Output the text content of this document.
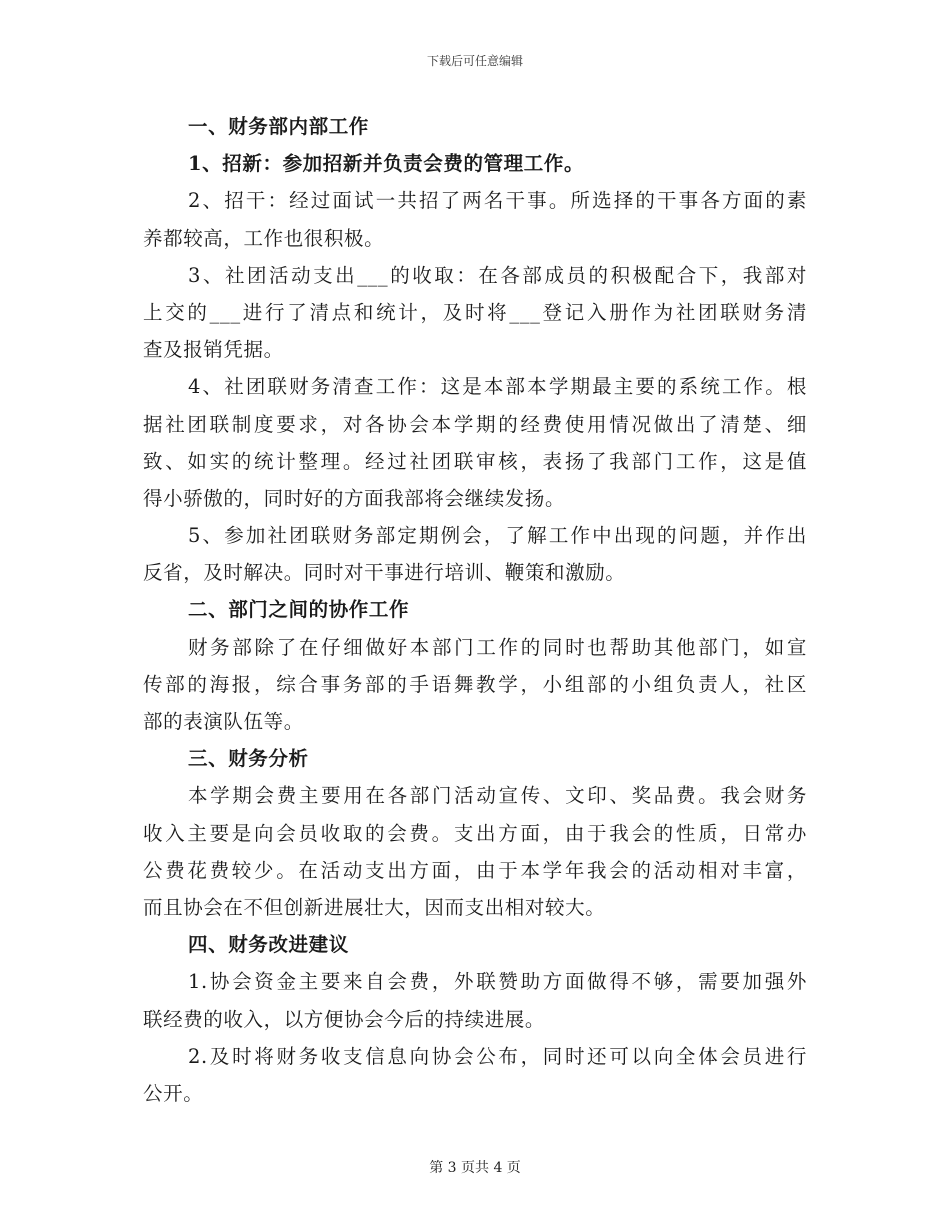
下载后可任意编辑
一、财务部内部工作
1、招新：参加招新并负责会费的管理工作。
2、招干：经过面试一共招了两名干事。所选择的干事各方面的素
养都较高，工作也很积极。
3、社团活动支出___的收取：在各部成员的积极配合下，我部对
上交的___进行了清点和统计，及时将___登记入册作为社团联财务清
查及报销凭据。
4、社团联财务清查工作：这是本部本学期最主要的系统工作。根
据社团联制度要求，对各协会本学期的经费使用情况做出了清楚、细
致、如实的统计整理。经过社团联审核，表扬了我部门工作，这是值
得小骄傲的，同时好的方面我部将会继续发扬。
5、参加社团联财务部定期例会，了解工作中出现的问题，并作出
反省，及时解决。同时对干事进行培训、鞭策和激励。
二、部门之间的协作工作
财务部除了在仔细做好本部门工作的同时也帮助其他部门，如宣
传部的海报，综合事务部的手语舞教学，小组部的小组负责人，社区
部的表演队伍等。
三、财务分析
本学期会费主要用在各部门活动宣传、文印、奖品费。我会财务
收入主要是向会员收取的会费。支出方面，由于我会的性质，日常办
公费花费较少。在活动支出方面，由于本学年我会的活动相对丰富，
而且协会在不但创新进展壮大，因而支出相对较大。
四、财务改进建议
1.协会资金主要来自会费，外联赞助方面做得不够，需要加强外
联经费的收入，以方便协会今后的持续进展。
2.及时将财务收支信息向协会公布，同时还可以向全体会员进行
公开。
第 3 页共 4 页
